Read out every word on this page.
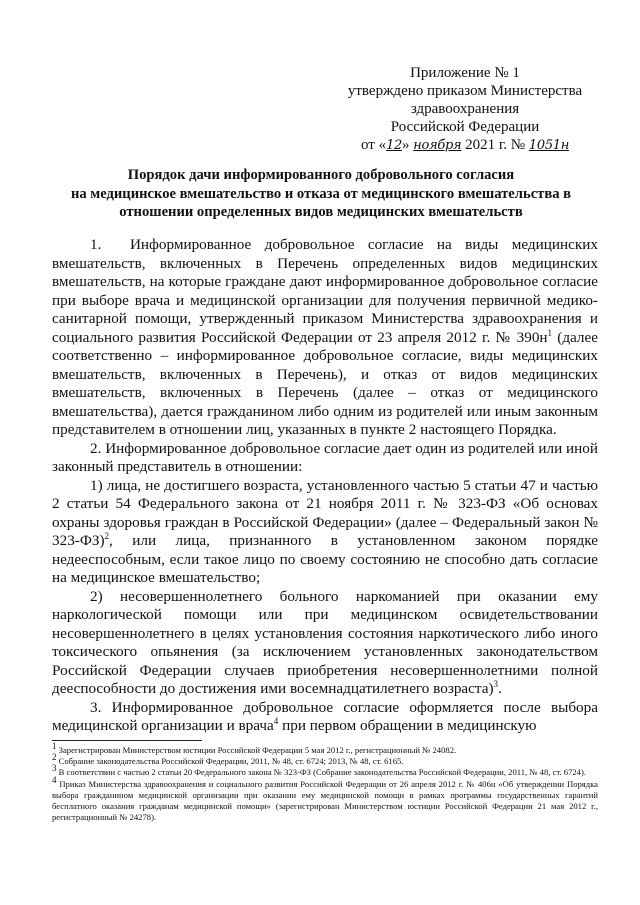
Приложение № 1
утверждено приказом Министерства
здравоохранения
Российской Федерации
от «12» ноября 2021 г. № 1051н
Порядок дачи информированного добровольного согласия
на медицинское вмешательство и отказа от медицинского вмешательства в
отношении определенных видов медицинских вмешательств

1.  Информированное добровольное согласие на виды медицинских вмешательств, включенных в Перечень определенных видов медицинских вмешательств, на которые граждане дают информированное добровольное согласие при выборе врача и медицинской организации для получения первичной медико-санитарной помощи, утвержденный приказом Министерства здравоохранения и социального развития Российской Федерации от 23 апреля 2012 г. № $390н^1$ (далее соответственно – информированное добровольное согласие, виды медицинских вмешательств, включенных в Перечень), и отказ от видов медицинских вмешательств, включенных в Перечень (далее – отказ от медицинского вмешательства), дается гражданином либо одним из родителей или иным законным представителем в отношении лиц, указанных в пункте 2 настоящего Порядка.

2. Информированное добровольное согласие дает один из родителей или иной законный представитель в отношении:

1) лица, не достигшего возраста, установленного частью 5 статьи 47 и частью 2 статьи 54 Федерального закона от 21 ноября 2011 г. № 323-ФЗ «Об основах охраны здоровья граждан в Российской Федерации» (далее – Федеральный закон № 323-ФЗ)$^2$, или лица, признанного в установленном законом порядке недееспособным, если такое лицо по своему состоянию не способно дать согласие на медицинское вмешательство;

2) несовершеннолетнего больного наркоманией при оказании ему наркологической помощи или при медицинском освидетельствовании несовершеннолетнего в целях установления состояния наркотического либо иного токсического опьянения (за исключением установленных законодательством Российской Федерации случаев приобретения несовершеннолетними полной дееспособности до достижения ими восемнадцатилетнего возраста)$^3$.

3. Информированное добровольное согласие оформляется после выбора медицинской организации и врача$^4$ при первом обращении в медицинскую

$^1$ Зарегистрирован Министерством юстиции Российской Федерации 5 мая 2012 г., регистрационный № 24082.

$^2$ Собрание законодательства Российской Федерации, 2011, № 48, ст. 6724; 2013, № 48, ст. 6165.

$^3$ В соответствии с частью 2 статьи 20 Федерального закона № 323-ФЗ (Собрание законодательства Российской Федерации, 2011, № 48, ст. 6724).

$^4$ Приказ Министерства здравоохранения и социального развития Российской Федерации от 26 апреля 2012 г. № 406н «Об утверждении Порядка выбора гражданином медицинской организации при оказании ему медицинской помощи в рамках программы государственных гарантий бесплатного оказания гражданам медицинской помощи» (зарегистрирован Министерством юстиции Российской Федерации 21 мая 2012 г., регистрационный № 24278).
